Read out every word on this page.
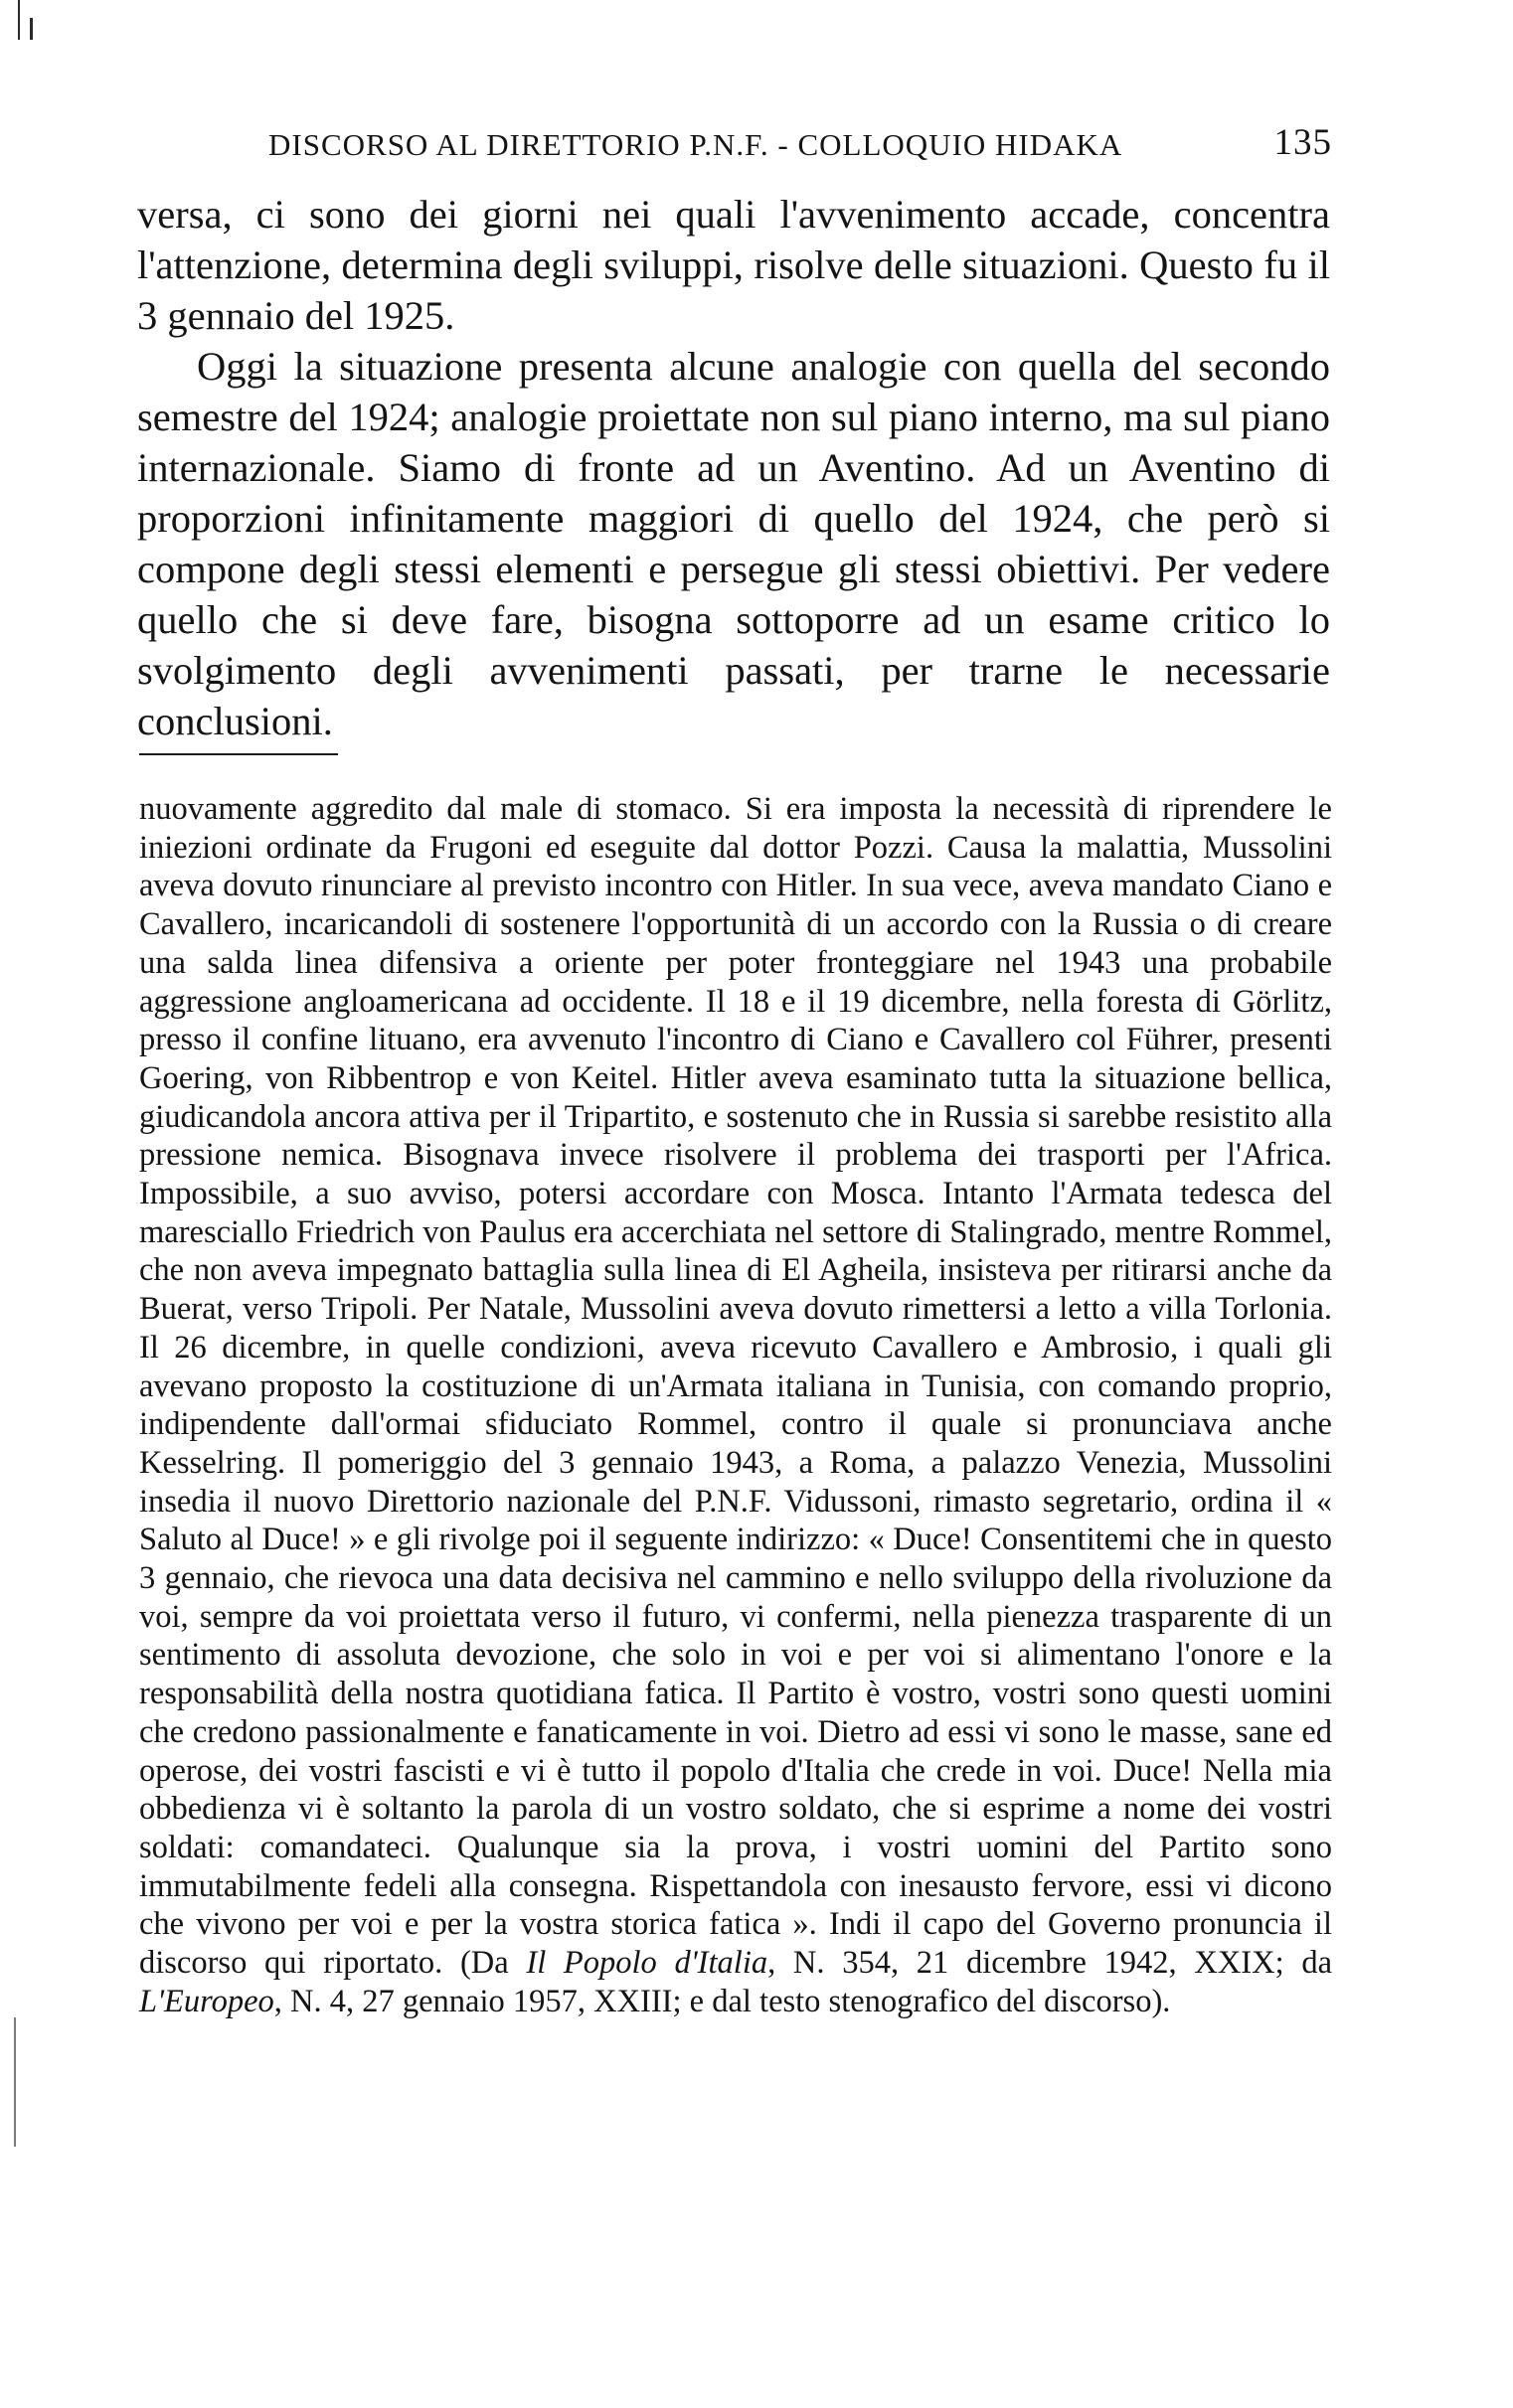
DISCORSO AL DIRETTORIO P.N.F. - COLLOQUIO HIDAKA	135

versa, ci sono dei giorni nei quali l'avvenimento accade, concentra l'attenzione, determina degli sviluppi, risolve delle situazioni. Questo fu il 3 gennaio del 1925.

Oggi la situazione presenta alcune analogie con quella del secondo semestre del 1924; analogie proiettate non sul piano interno, ma sul piano internazionale. Siamo di fronte ad un Aventino. Ad un Aventino di proporzioni infinitamente maggiori di quello del 1924, che però si compone degli stessi elementi e persegue gli stessi obiettivi. Per vedere quello che si deve fare, bisogna sottoporre ad un esame critico lo svolgimento degli avvenimenti passati, per trarne le necessarie conclusioni.

nuovamente aggredito dal male di stomaco. Si era imposta la necessità di riprendere le iniezioni ordinate da Frugoni ed eseguite dal dottor Pozzi. Causa la malattia, Mussolini aveva dovuto rinunciare al previsto incontro con Hitler. In sua vece, aveva mandato Ciano e Cavallero, incaricandoli di sostenere l'opportunità di un accordo con la Russia o di creare una salda linea difensiva a oriente per poter fronteggiare nel 1943 una probabile aggressione angloamericana ad occidente. Il 18 e il 19 dicembre, nella foresta di Görlitz, presso il confine lituano, era avvenuto l'incontro di Ciano e Cavallero col Führer, presenti Goering, von Ribbentrop e von Keitel. Hitler aveva esaminato tutta la situazione bellica, giudicandola ancora attiva per il Tripartito, e sostenuto che in Russia si sarebbe resistito alla pressione nemica. Bisognava invece risolvere il problema dei trasporti per l'Africa. Impossibile, a suo avviso, potersi accordare con Mosca. Intanto l'Armata tedesca del maresciallo Friedrich von Paulus era accerchiata nel settore di Stalingrado, mentre Rommel, che non aveva impegnato battaglia sulla linea di El Agheila, insisteva per ritirarsi anche da Buerat, verso Tripoli. Per Natale, Mussolini aveva dovuto rimettersi a letto a villa Torlonia. Il 26 dicembre, in quelle condizioni, aveva ricevuto Cavallero e Ambrosio, i quali gli avevano proposto la costituzione di un'Armata italiana in Tunisia, con comando proprio, indipendente dall'ormai sfiduciato Rommel, contro il quale si pronunciava anche Kesselring. Il pomeriggio del 3 gennaio 1943, a Roma, a palazzo Venezia, Mussolini insedia il nuovo Direttorio nazionale del P.N.F. Vidussoni, rimasto segretario, ordina il « Saluto al Duce! » e gli rivolge poi il seguente indirizzo: « Duce! Consentitemi che in questo 3 gennaio, che rievoca una data decisiva nel cammino e nello sviluppo della rivoluzione da voi, sempre da voi proiettata verso il futuro, vi confermi, nella pienezza trasparente di un sentimento di assoluta devozione, che solo in voi e per voi si alimentano l'onore e la responsabilità della nostra quotidiana fatica. Il Partito è vostro, vostri sono questi uomini che credono passionalmente e fanaticamente in voi. Dietro ad essi vi sono le masse, sane ed operose, dei vostri fascisti e vi è tutto il popolo d'Italia che crede in voi. Duce! Nella mia obbedienza vi è soltanto la parola di un vostro soldato, che si esprime a nome dei vostri soldati: comandateci. Qualunque sia la prova, i vostri uomini del Partito sono immutabilmente fedeli alla consegna. Rispettandola con inesausto fervore, essi vi dicono che vivono per voi e per la vostra storica fatica ». Indi il capo del Governo pronuncia il discorso qui riportato. (Da Il Popolo d'Italia, N. 354, 21 dicembre 1942, XXIX; da L'Europeo, N. 4, 27 gennaio 1957, XXIII; e dal testo stenografico del discorso).
